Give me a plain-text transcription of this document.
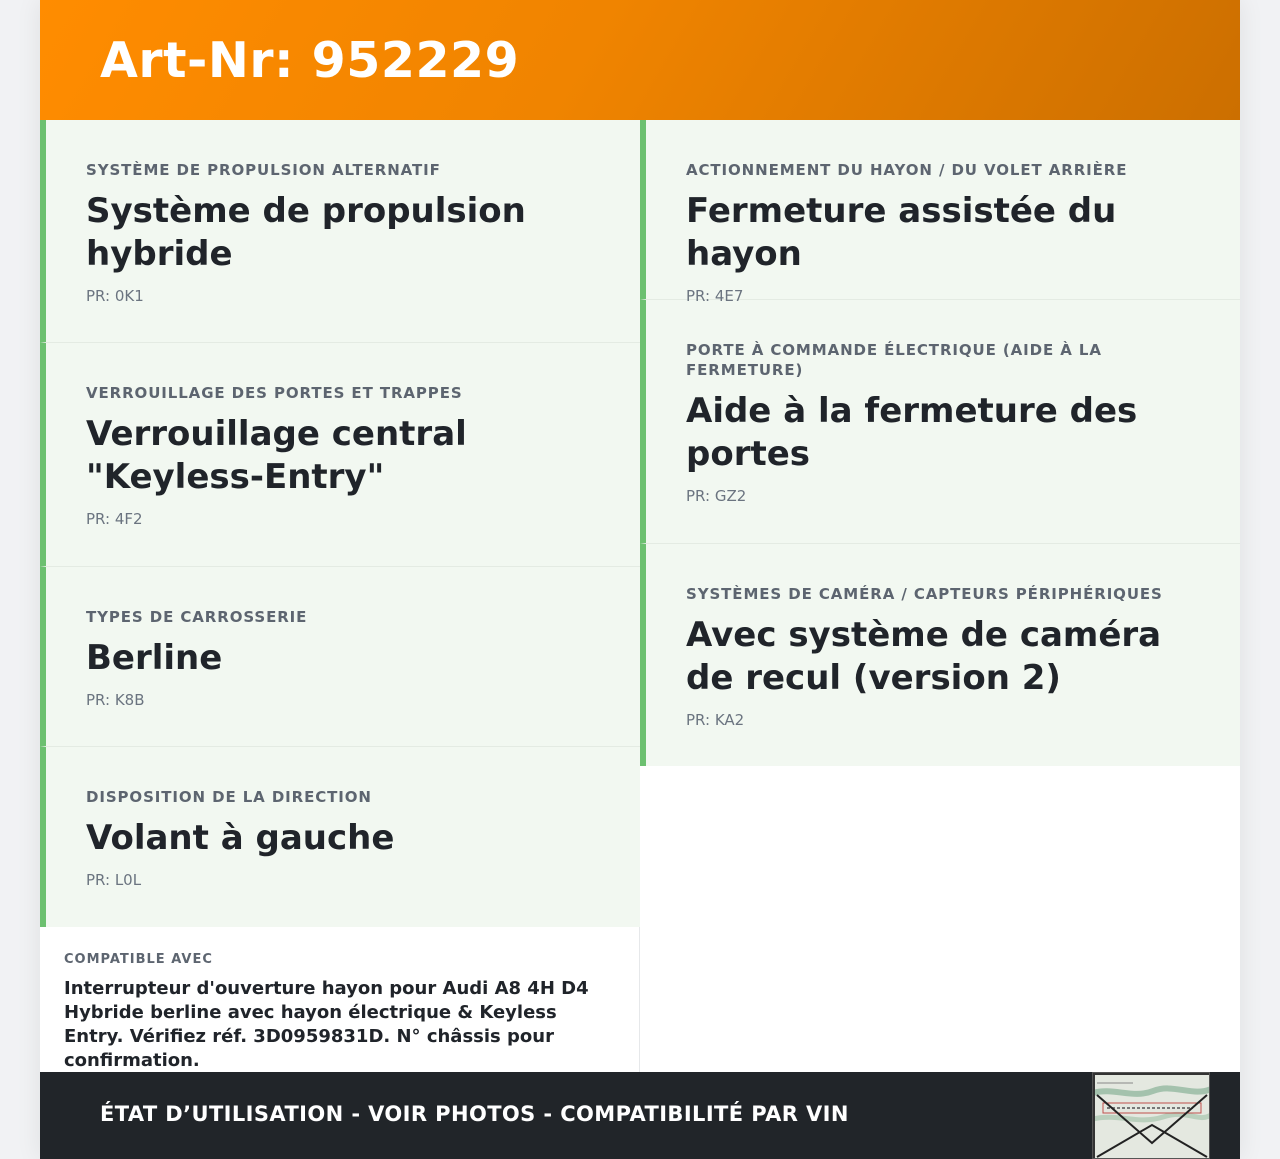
Art-Nr: 952229
SYSTÈME DE PROPULSION ALTERNATIF
Système de propulsion hybride
PR: 0K1
VERROUILLAGE DES PORTES ET TRAPPES
Verrouillage central "Keyless-Entry"
PR: 4F2
TYPES DE CARROSSERIE
Berline
PR: K8B
DISPOSITION DE LA DIRECTION
Volant à gauche
PR: L0L
ACTIONNEMENT DU HAYON / DU VOLET ARRIÈRE
Fermeture assistée du hayon
PR: 4E7
PORTE À COMMANDE ÉLECTRIQUE (AIDE À LA FERMETURE)
Aide à la fermeture des portes
PR: GZ2
SYSTÈMES DE CAMÉRA / CAPTEURS PÉRIPHÉRIQUES
Avec système de caméra de recul (version 2)
PR: KA2
COMPATIBLE AVEC
Interrupteur d'ouverture hayon pour Audi A8 4H D4 Hybride berline avec hayon électrique & Keyless Entry. Vérifiez réf. 3D0959831D. N° châssis pour confirmation.
ÉTAT D’UTILISATION - VOIR PHOTOS - COMPATIBILITÉ PAR VIN
